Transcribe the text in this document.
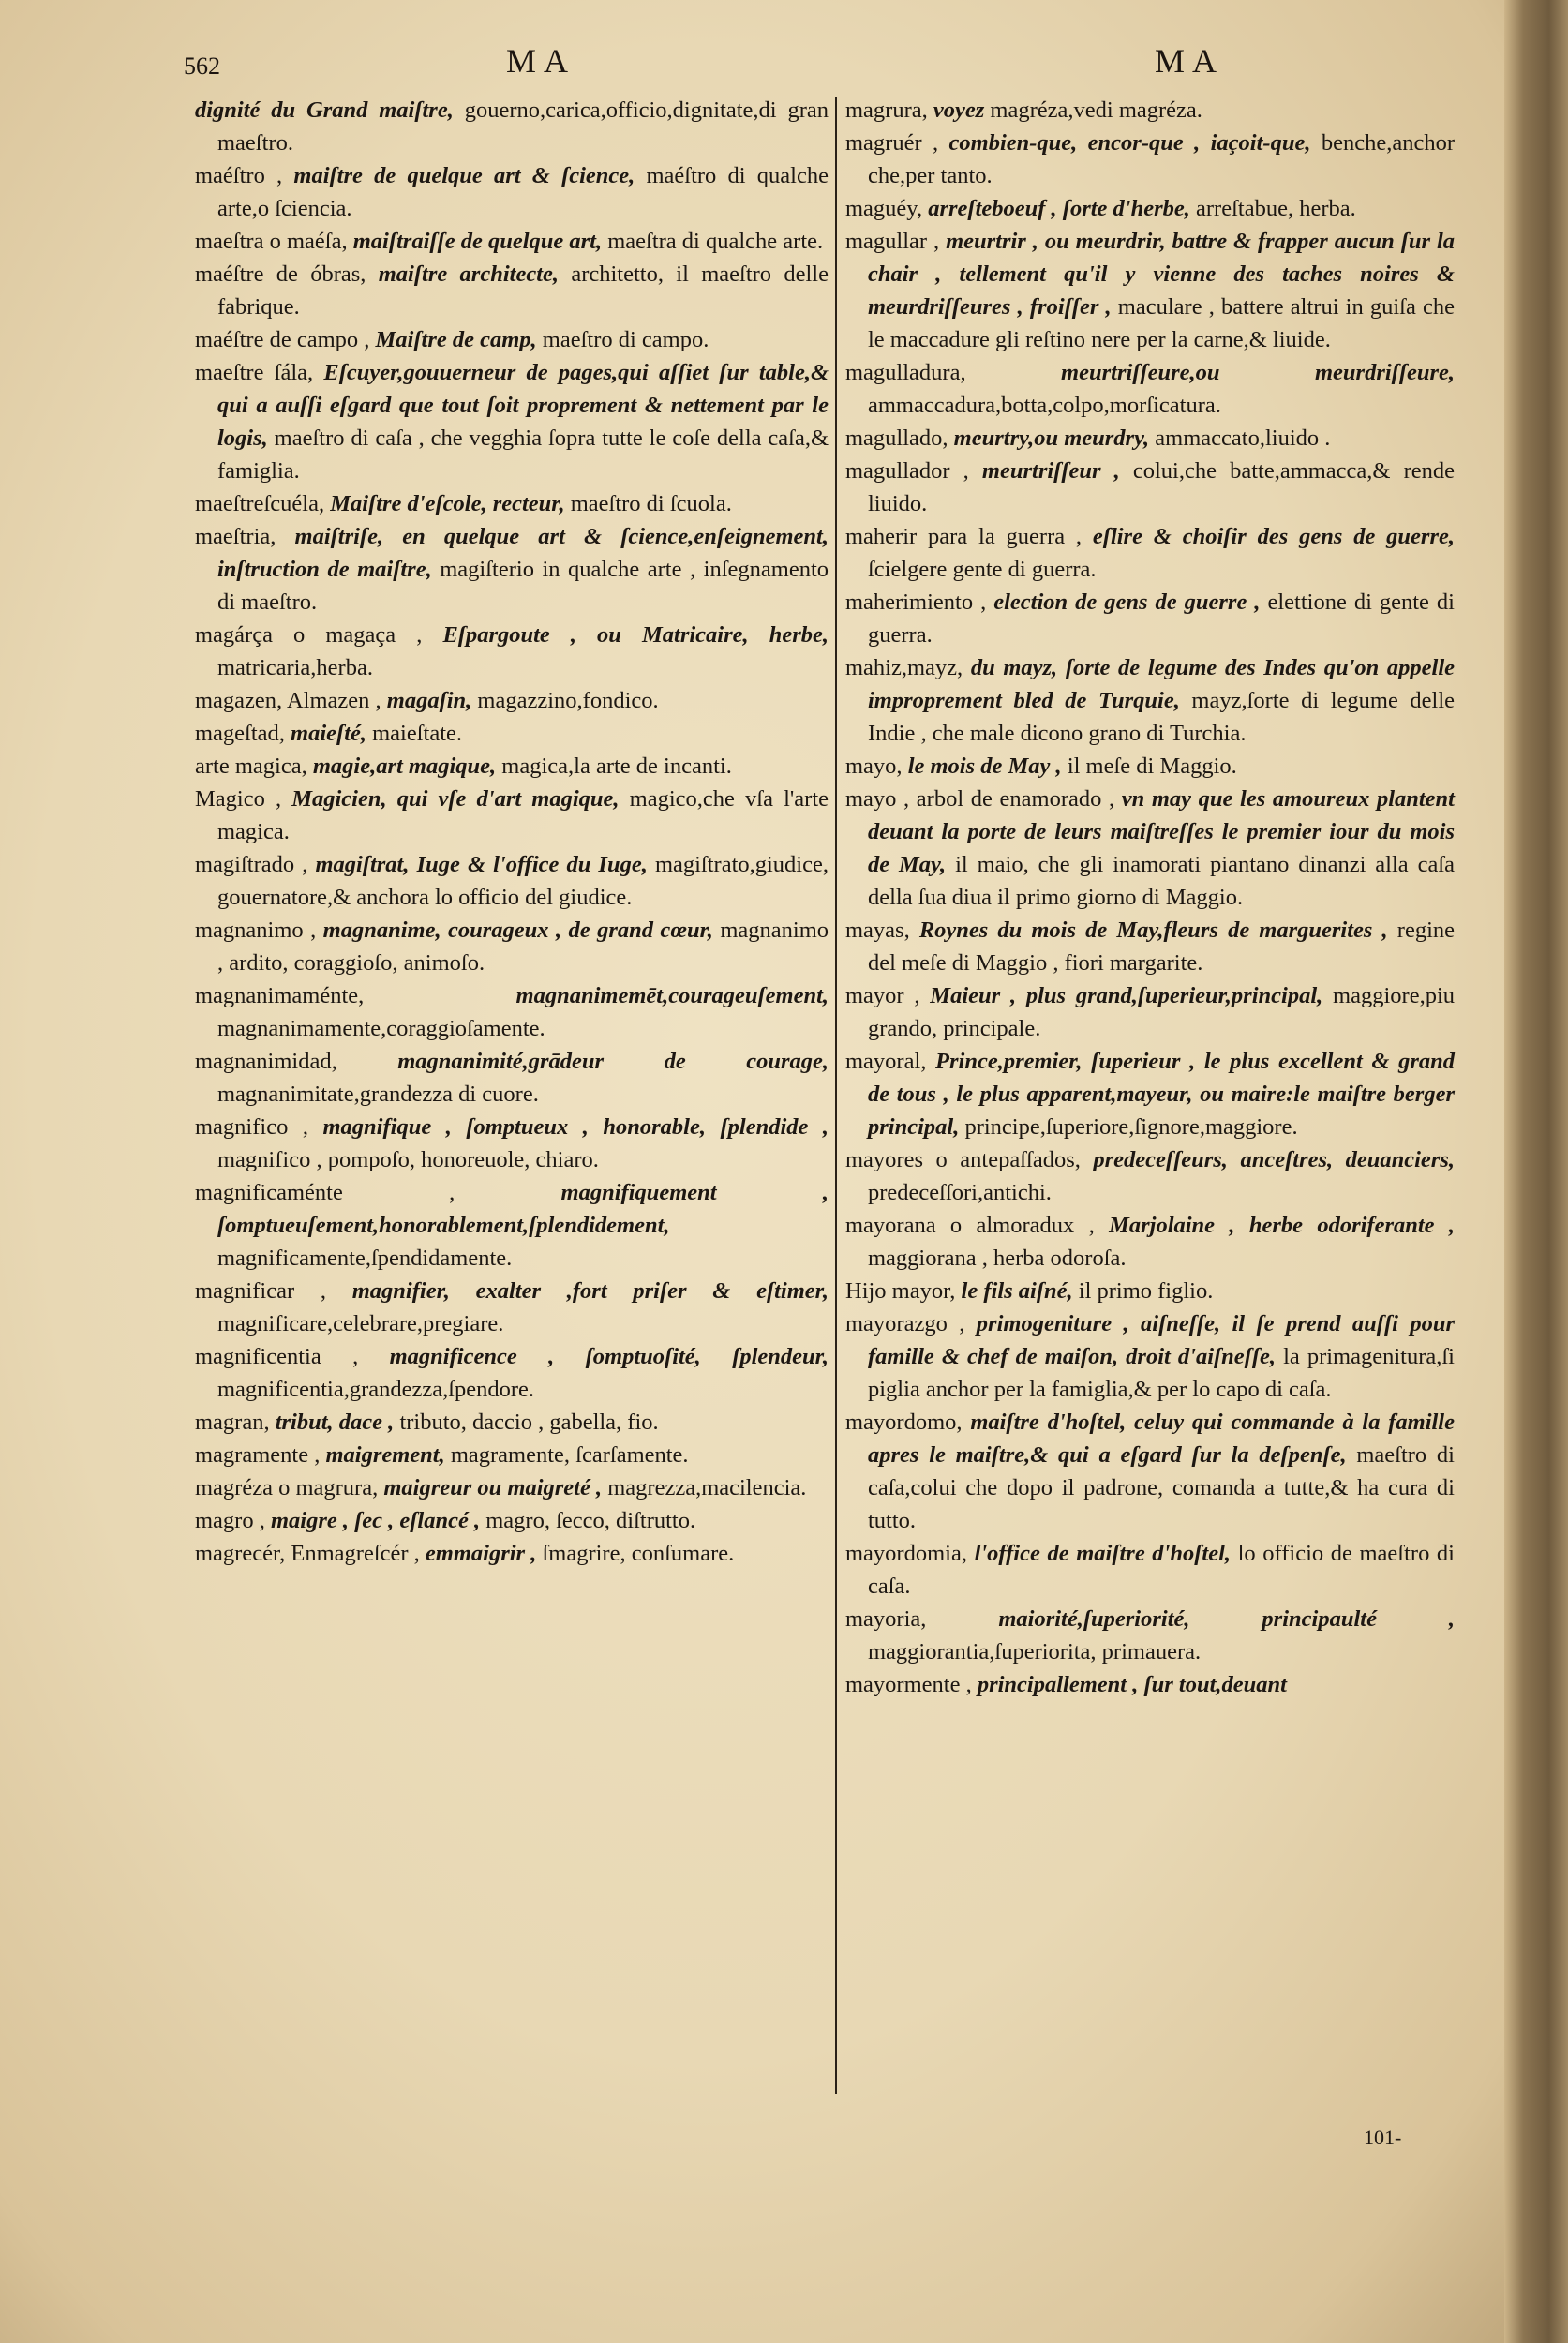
562	MA	MA

dignité du Grand maiſtre, gouerno,carica,officio,dignitate,di gran maeſtro.

maéſtro , maiſtre de quelque art & ſcience, maéſtro di qualche arte,o ſciencia.

maeſtra o maéſa, maiſtraiſſe de quelque art, maeſtra di qualche arte.

maéſtre de óbras, maiſtre architecte, architetto, il maeſtro delle fabrique.

maéſtre de campo , Maiſtre de camp, maeſtro di campo.

maeſtre ſála, Eſcuyer,gouuerneur de pages,qui aſſiet ſur table,& qui a auſſi eſgard que tout ſoit proprement & nettement par le logis, maeſtro di caſa , che vegghia ſopra tutte le coſe della caſa,& famiglia.

maeſtreſcuéla, Maiſtre d'eſcole, recteur, maeſtro di ſcuola.

maeſtria, maiſtriſe, en quelque art & ſcience,enſeignement, inſtruction de maiſtre, magiſterio in qualche arte , inſegnamento di maeſtro.

magárça o magaça , Eſpargoute , ou Matricaire, herbe, matricaria,herba.

magazen, Almazen , magaſin, magazzino,fondico.

mageſtad, maieſté, maieſtate.

arte magica, magie,art magique, magica,la arte de incanti.

Magico , Magicien, qui vſe d'art magique, magico,che vſa l'arte magica.

magiſtrado , magiſtrat, Iuge & l'office du Iuge, magiſtrato,giudice, gouernatore,& anchora lo officio del giudice.

magnanimo , magnanime, courageux , de grand cœur, magnanimo , ardito, coraggioſo, animoſo.

magnanimaménte, magnanimemēt,courageuſement, magnanimamente,coraggioſamente.

magnanimidad, magnanimité,grādeur de courage, magnanimitate,grandezza di cuore.

magnifico , magnifique , ſomptueux , honorable, ſplendide , magnifico , pompoſo, honoreuole, chiaro.

magnificaménte , magnifiquement , ſomptueuſement,honorablement,ſplendidement, magnificamente,ſpendidamente.

magnificar , magnifier, exalter ,fort priſer & eſtimer, magnificare,celebrare,pregiare.

magnificentia , magnificence , ſomptuoſité, ſplendeur, magnificentia,grandezza,ſpendore.

magran, tribut, dace , tributo, daccio , gabella, fio.

magramente , maigrement, magramente, ſcarſamente.

magréza o magrura, maigreur ou maigreté , magrezza,macilencia.

magro , maigre , ſec , eſlancé , magro, ſecco, diſtrutto.

magrecér, Enmagreſcér , emmaigrir , ſmagrire, conſumare.

magrura, voyez magréza,vedi magréza.

magruér , combien-que, encor-que , iaçoit-que, benche,anchor che,per tanto.

maguéy, arreſteboeuf , ſorte d'herbe, arreſtabue, herba.

magullar , meurtrir , ou meurdrir, battre & frapper aucun ſur la chair , tellement qu'il y vienne des taches noires & meurdriſſeures , froiſſer , maculare , battere altrui in guiſa che le maccadure gli reſtino nere per la carne,& liuide.

magulladura, meurtriſſeure,ou meurdriſſeure, ammaccadura,botta,colpo,morſicatura.

magullado, meurtry,ou meurdry, ammaccato,liuido .

magullador , meurtriſſeur , colui,che batte,ammacca,& rende liuido.

maherir para la guerra , eſlire & choiſir des gens de guerre, ſcielgere gente di guerra.

maherimiento , election de gens de guerre , elettione di gente di guerra.

mahiz,mayz, du mayz, ſorte de legume des Indes qu'on appelle improprement bled de Turquie, mayz,ſorte di legume delle Indie , che male dicono grano di Turchia.

mayo, le mois de May , il meſe di Maggio.

mayo , arbol de enamorado , vn may que les amoureux plantent deuant la porte de leurs maiſtreſſes le premier iour du mois de May, il maio, che gli inamorati piantano dinanzi alla caſa della ſua diua il primo giorno di Maggio.

mayas, Roynes du mois de May,fleurs de marguerites , regine del meſe di Maggio , fiori margarite.

mayor , Maieur , plus grand,ſuperieur,principal, maggiore,piu grando, principale.

mayoral, Prince,premier, ſuperieur , le plus excellent & grand de tous , le plus apparent,mayeur, ou maire:le maiſtre berger principal, principe,ſuperiore,ſignore,maggiore.

mayores o antepaſſados, predeceſſeurs, anceſtres, deuanciers, predeceſſori,antichi.

mayorana o almoradux , Marjolaine , herbe odoriferante , maggiorana , herba odoroſa.

Hijo mayor, le fils aiſné, il primo figlio.

mayorazgo , primogeniture , aiſneſſe, il ſe prend auſſi pour famille & chef de maiſon, droit d'aiſneſſe, la primagenitura,ſi piglia anchor per la famiglia,& per lo capo di caſa.

mayordomo, maiſtre d'hoſtel, celuy qui commande à la famille apres le maiſtre,& qui a eſgard ſur la deſpenſe, maeſtro di caſa,colui che dopo il padrone, comanda a tutte,& ha cura di tutto.

mayordomia, l'office de maiſtre d'hoſtel, lo officio de maeſtro di caſa.

mayoria, maiorité,ſuperiorité, principaulté , maggiorantia,ſuperiorita, primauera.

mayormente , principallement , ſur tout,deuant

101-
